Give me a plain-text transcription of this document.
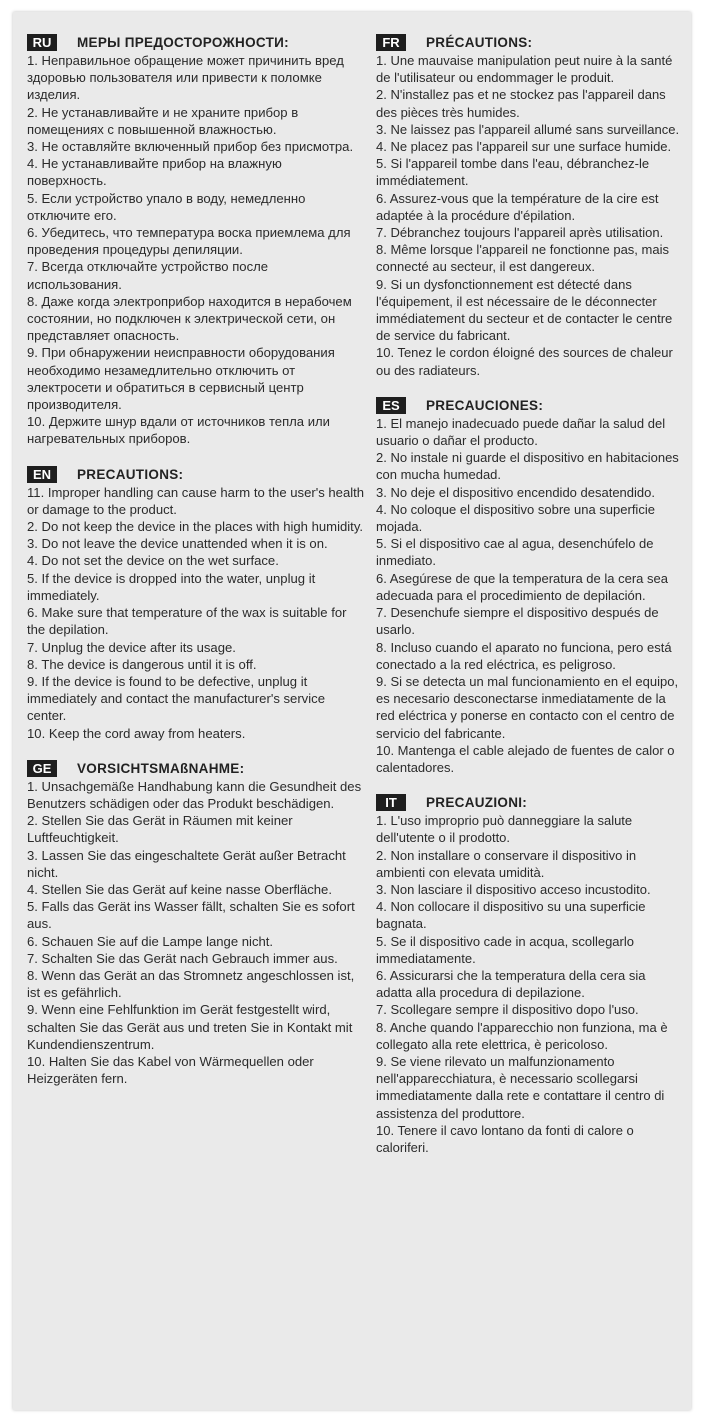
RU	МЕРЫ ПРЕДОСТОРОЖНОСТИ:
1. Неправильное обращение может причинить вред здоровью пользователя или привести к поломке изделия.
2. Не устанавливайте и не храните прибор в помещениях с повышенной влажностью.
3. Не оставляйте включенный прибор без присмотра.
4. Не устанавливайте прибор на влажную поверхность.
5. Если устройство упало в воду, немедленно отключите его.
6. Убедитесь, что температура воска приемлема для проведения процедуры депиляции.
7. Всегда отключайте устройство после использования.
8. Даже когда электроприбор находится в нерабочем состоянии, но подключен к электрической сети, он представляет опасность.
9. При обнаружении неисправности оборудования необходимо незамедлительно отключить от электросети и обратиться в сервисный центр производителя.
10. Держите шнур вдали от источников тепла или нагревательных приборов.
EN	PRECAUTIONS:
11. Improper handling can cause harm to the user's health or damage to the product.
2. Do not keep the device in the places with high humidity.
3. Do not leave the device unattended when it is on.
4. Do not set the device on the wet surface.
5. If the device is dropped into the water, unplug it immediately.
6. Make sure that temperature of the wax is suitable for the depilation.
7. Unplug the device after its usage.
8. The device is dangerous until it is off.
9. If the device is found to be defective, unplug it immediately and contact the manufacturer's service center.
10. Keep the cord away from heaters.
GE	VORSICHTSMAßNAHME:
1. Unsachgemäße Handhabung kann die Gesundheit des Benutzers schädigen oder das Produkt beschädigen.
2. Stellen Sie das Gerät in Räumen mit keiner Luftfeuchtigkeit.
3. Lassen Sie das eingeschaltete Gerät außer Betracht nicht.
4. Stellen Sie das Gerät auf keine nasse Oberfläche.
5. Falls das Gerät ins Wasser fällt, schalten Sie es sofort aus.
6. Schauen Sie auf die Lampe lange nicht.
7. Schalten Sie das Gerät nach Gebrauch immer aus.
8. Wenn das Gerät an das Stromnetz angeschlossen ist, ist es gefährlich.
9. Wenn eine Fehlfunktion im Gerät festgestellt wird, schalten Sie das Gerät aus und treten Sie in Kontakt mit Kundendienszentrum.
10. Halten Sie das Kabel von Wärmequellen oder Heizgeräten fern.
FR	PRÉCAUTIONS:
1. Une mauvaise manipulation peut nuire à la santé de l'utilisateur ou endommager le produit.
2. N'installez pas et ne stockez pas l'appareil dans des pièces très humides.
3. Ne laissez pas l'appareil allumé sans surveillance.
4. Ne placez pas l'appareil sur une surface humide.
5. Si l'appareil tombe dans l'eau, débranchez-le immédiatement.
6. Assurez-vous que la température de la cire est adaptée à la procédure d'épilation.
7. Débranchez toujours l'appareil après utilisation.
8. Même lorsque l'appareil ne fonctionne pas, mais connecté au secteur, il est dangereux.
9. Si un dysfonctionnement est détecté dans l'équipement, il est nécessaire de le déconnecter immédiatement du secteur et de contacter le centre de service du fabricant.
10. Tenez le cordon éloigné des sources de chaleur ou des radiateurs.
ES	PRECAUCIONES:
1. El manejo inadecuado puede dañar la salud del usuario o dañar el producto.
2. No instale ni guarde el dispositivo en habitaciones con mucha humedad.
3. No deje el dispositivo encendido desatendido.
4. No coloque el dispositivo sobre una superficie mojada.
5. Si el dispositivo cae al agua, desenchúfelo de inmediato.
6. Asegúrese de que la temperatura de la cera sea adecuada para el procedimiento de depilación.
7. Desenchufe siempre el dispositivo después de usarlo.
8. Incluso cuando el aparato no funciona, pero está conectado a la red eléctrica, es peligroso.
9. Si se detecta un mal funcionamiento en el equipo, es necesario desconectarse inmediatamente de la red eléctrica y ponerse en contacto con el centro de servicio del fabricante.
10. Mantenga el cable alejado de fuentes de calor o calentadores.
IT	PRECAUZIONI:
1. L'uso improprio può danneggiare la salute dell'utente o il prodotto.
2. Non installare o conservare il dispositivo in ambienti con elevata umidità.
3. Non lasciare il dispositivo acceso incustodito.
4. Non collocare il dispositivo su una superficie bagnata.
5. Se il dispositivo cade in acqua, scollegarlo immediatamente.
6. Assicurarsi che la temperatura della cera sia adatta alla procedura di depilazione.
7. Scollegare sempre il dispositivo dopo l'uso.
8. Anche quando l'apparecchio non funziona, ma è collegato alla rete elettrica, è pericoloso.
9. Se viene rilevato un malfunzionamento nell'apparecchiatura, è necessario scollegarsi immediatamente dalla rete e contattare il centro di assistenza del produttore.
10. Tenere il cavo lontano da fonti di calore o caloriferi.
